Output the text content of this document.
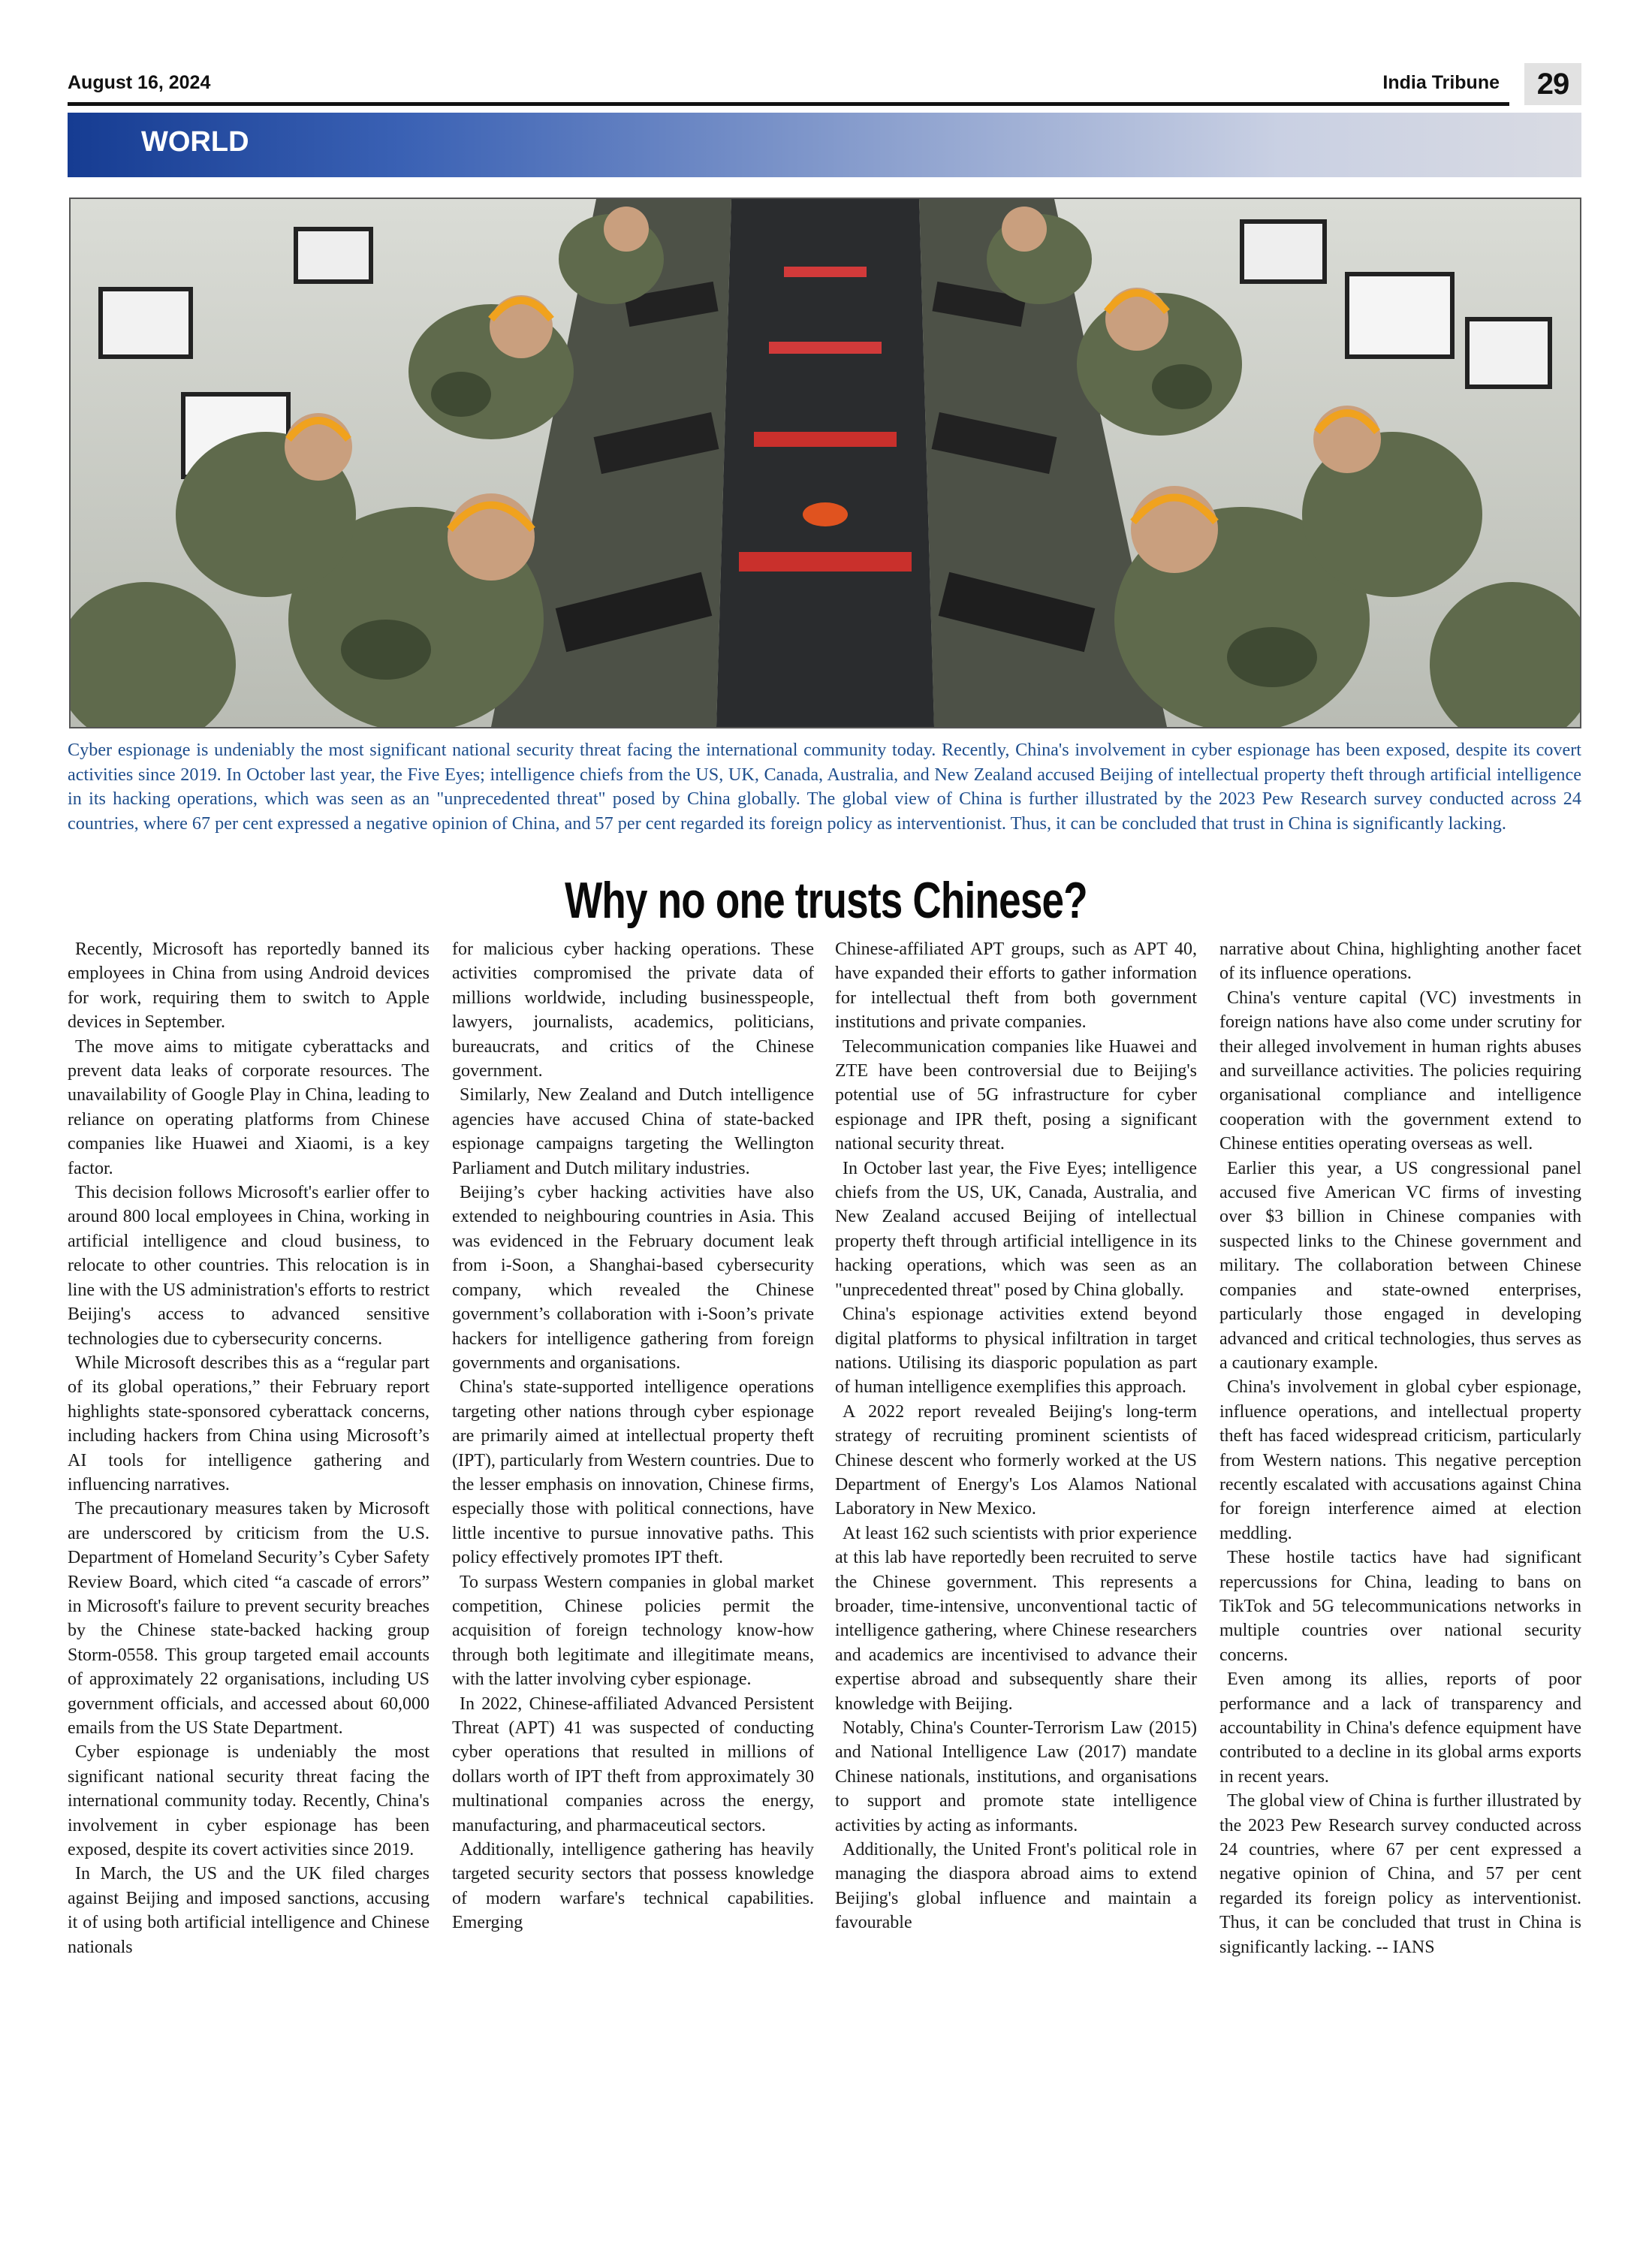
August 16, 2024	India Tribune	29
WORLD

Cyber espionage is undeniably the most significant national security threat facing the international community today. Recently, China's involvement in cyber espionage has been exposed, despite its covert activities since 2019. In October last year, the Five Eyes; intelligence chiefs from the US, UK, Canada, Australia, and New Zealand accused Beijing of intellectual property theft through artificial intelligence in its hacking operations, which was seen as an "unprecedented threat" posed by China globally. The global view of China is further illustrated by the 2023 Pew Research survey conducted across 24 countries, where 67 per cent expressed a negative opinion of China, and 57 per cent regarded its foreign policy as interventionist. Thus, it can be concluded that trust in China is significantly lacking.

Why no one trusts Chinese?

Recently, Microsoft has reportedly banned its employees in China from using Android devices for work, requiring them to switch to Apple devices in September.

The move aims to mitigate cyberattacks and prevent data leaks of corporate resources. The unavailability of Google Play in China, leading to reliance on operating platforms from Chinese companies like Huawei and Xiaomi, is a key factor.

This decision follows Microsoft's earlier offer to around 800 local employees in China, working in artificial intelligence and cloud business, to relocate to other countries. This relocation is in line with the US administration's efforts to restrict Beijing's access to advanced sensitive technologies due to cybersecurity concerns.

While Microsoft describes this as a “regular part of its global operations,” their February report highlights state-sponsored cyberattack concerns, including hackers from China using Microsoft’s AI tools for intelligence gathering and influencing narratives.

The precautionary measures taken by Microsoft are underscored by criticism from the U.S. Department of Homeland Security’s Cyber Safety Review Board, which cited “a cascade of errors” in Microsoft's failure to prevent security breaches by the Chinese state-backed hacking group Storm-0558. This group targeted email accounts of approximately 22 organisations, including US government officials, and accessed about 60,000 emails from the US State Department.

Cyber espionage is undeniably the most significant national security threat facing the international community today. Recently, China's involvement in cyber espionage has been exposed, despite its covert activities since 2019.

In March, the US and the UK filed charges against Beijing and imposed sanctions, accusing it of using both artificial intelligence and Chinese nationals

for malicious cyber hacking operations. These activities compromised the private data of millions worldwide, including businesspeople, lawyers, journalists, academics, politicians, bureaucrats, and critics of the Chinese government.

Similarly, New Zealand and Dutch intelligence agencies have accused China of state-backed espionage campaigns targeting the Wellington Parliament and Dutch military industries.

Beijing’s cyber hacking activities have also extended to neighbouring countries in Asia. This was evidenced in the February document leak from i-Soon, a Shanghai-based cybersecurity company, which revealed the Chinese government’s collaboration with i-Soon’s private hackers for intelligence gathering from foreign governments and organisations.

China's state-supported intelligence operations targeting other nations through cyber espionage are primarily aimed at intellectual property theft (IPT), particularly from Western countries. Due to the lesser emphasis on innovation, Chinese firms, especially those with political connections, have little incentive to pursue innovative paths. This policy effectively promotes IPT theft.

To surpass Western companies in global market competition, Chinese policies permit the acquisition of foreign technology know-how through both legitimate and illegitimate means, with the latter involving cyber espionage.

In 2022, Chinese-affiliated Advanced Persistent Threat (APT) 41 was suspected of conducting cyber operations that resulted in millions of dollars worth of IPT theft from approximately 30 multinational companies across the energy, manufacturing, and pharmaceutical sectors.

Additionally, intelligence gathering has heavily targeted security sectors that possess knowledge of modern warfare's technical capabilities. Emerging

Chinese-affiliated APT groups, such as APT 40, have expanded their efforts to gather information for intellectual theft from both government institutions and private companies.

Telecommunication companies like Huawei and ZTE have been controversial due to Beijing's potential use of 5G infrastructure for cyber espionage and IPR theft, posing a significant national security threat.

In October last year, the Five Eyes; intelligence chiefs from the US, UK, Canada, Australia, and New Zealand accused Beijing of intellectual property theft through artificial intelligence in its hacking operations, which was seen as an "unprecedented threat" posed by China globally.

China's espionage activities extend beyond digital platforms to physical infiltration in target nations. Utilising its diasporic population as part of human intelligence exemplifies this approach.

A 2022 report revealed Beijing's long-term strategy of recruiting prominent scientists of Chinese descent who formerly worked at the US Department of Energy's Los Alamos National Laboratory in New Mexico.

At least 162 such scientists with prior experience at this lab have reportedly been recruited to serve the Chinese government. This represents a broader, time-intensive, unconventional tactic of intelligence gathering, where Chinese researchers and academics are incentivised to advance their expertise abroad and subsequently share their knowledge with Beijing.

Notably, China's Counter-Terrorism Law (2015) and National Intelligence Law (2017) mandate Chinese nationals, institutions, and organisations to support and promote state intelligence activities by acting as informants.

Additionally, the United Front's political role in managing the diaspora abroad aims to extend Beijing's global influence and maintain a favourable

narrative about China, highlighting another facet of its influence operations.

China's venture capital (VC) investments in foreign nations have also come under scrutiny for their alleged involvement in human rights abuses and surveillance activities. The policies requiring organisational compliance and intelligence cooperation with the government extend to Chinese entities operating overseas as well.

Earlier this year, a US congressional panel accused five American VC firms of investing over $3 billion in Chinese companies with suspected links to the Chinese government and military. The collaboration between Chinese companies and state-owned enterprises, particularly those engaged in developing advanced and critical technologies, thus serves as a cautionary example.

China's involvement in global cyber espionage, influence operations, and intellectual property theft has faced widespread criticism, particularly from Western nations. This negative perception recently escalated with accusations against China for foreign interference aimed at election meddling.

These hostile tactics have had significant repercussions for China, leading to bans on TikTok and 5G telecommunications networks in multiple countries over national security concerns.

Even among its allies, reports of poor performance and a lack of transparency and accountability in China's defence equipment have contributed to a decline in its global arms exports in recent years.

The global view of China is further illustrated by the 2023 Pew Research survey conducted across 24 countries, where 67 per cent expressed a negative opinion of China, and 57 per cent regarded its foreign policy as interventionist. Thus, it can be concluded that trust in China is significantly lacking. -- IANS
